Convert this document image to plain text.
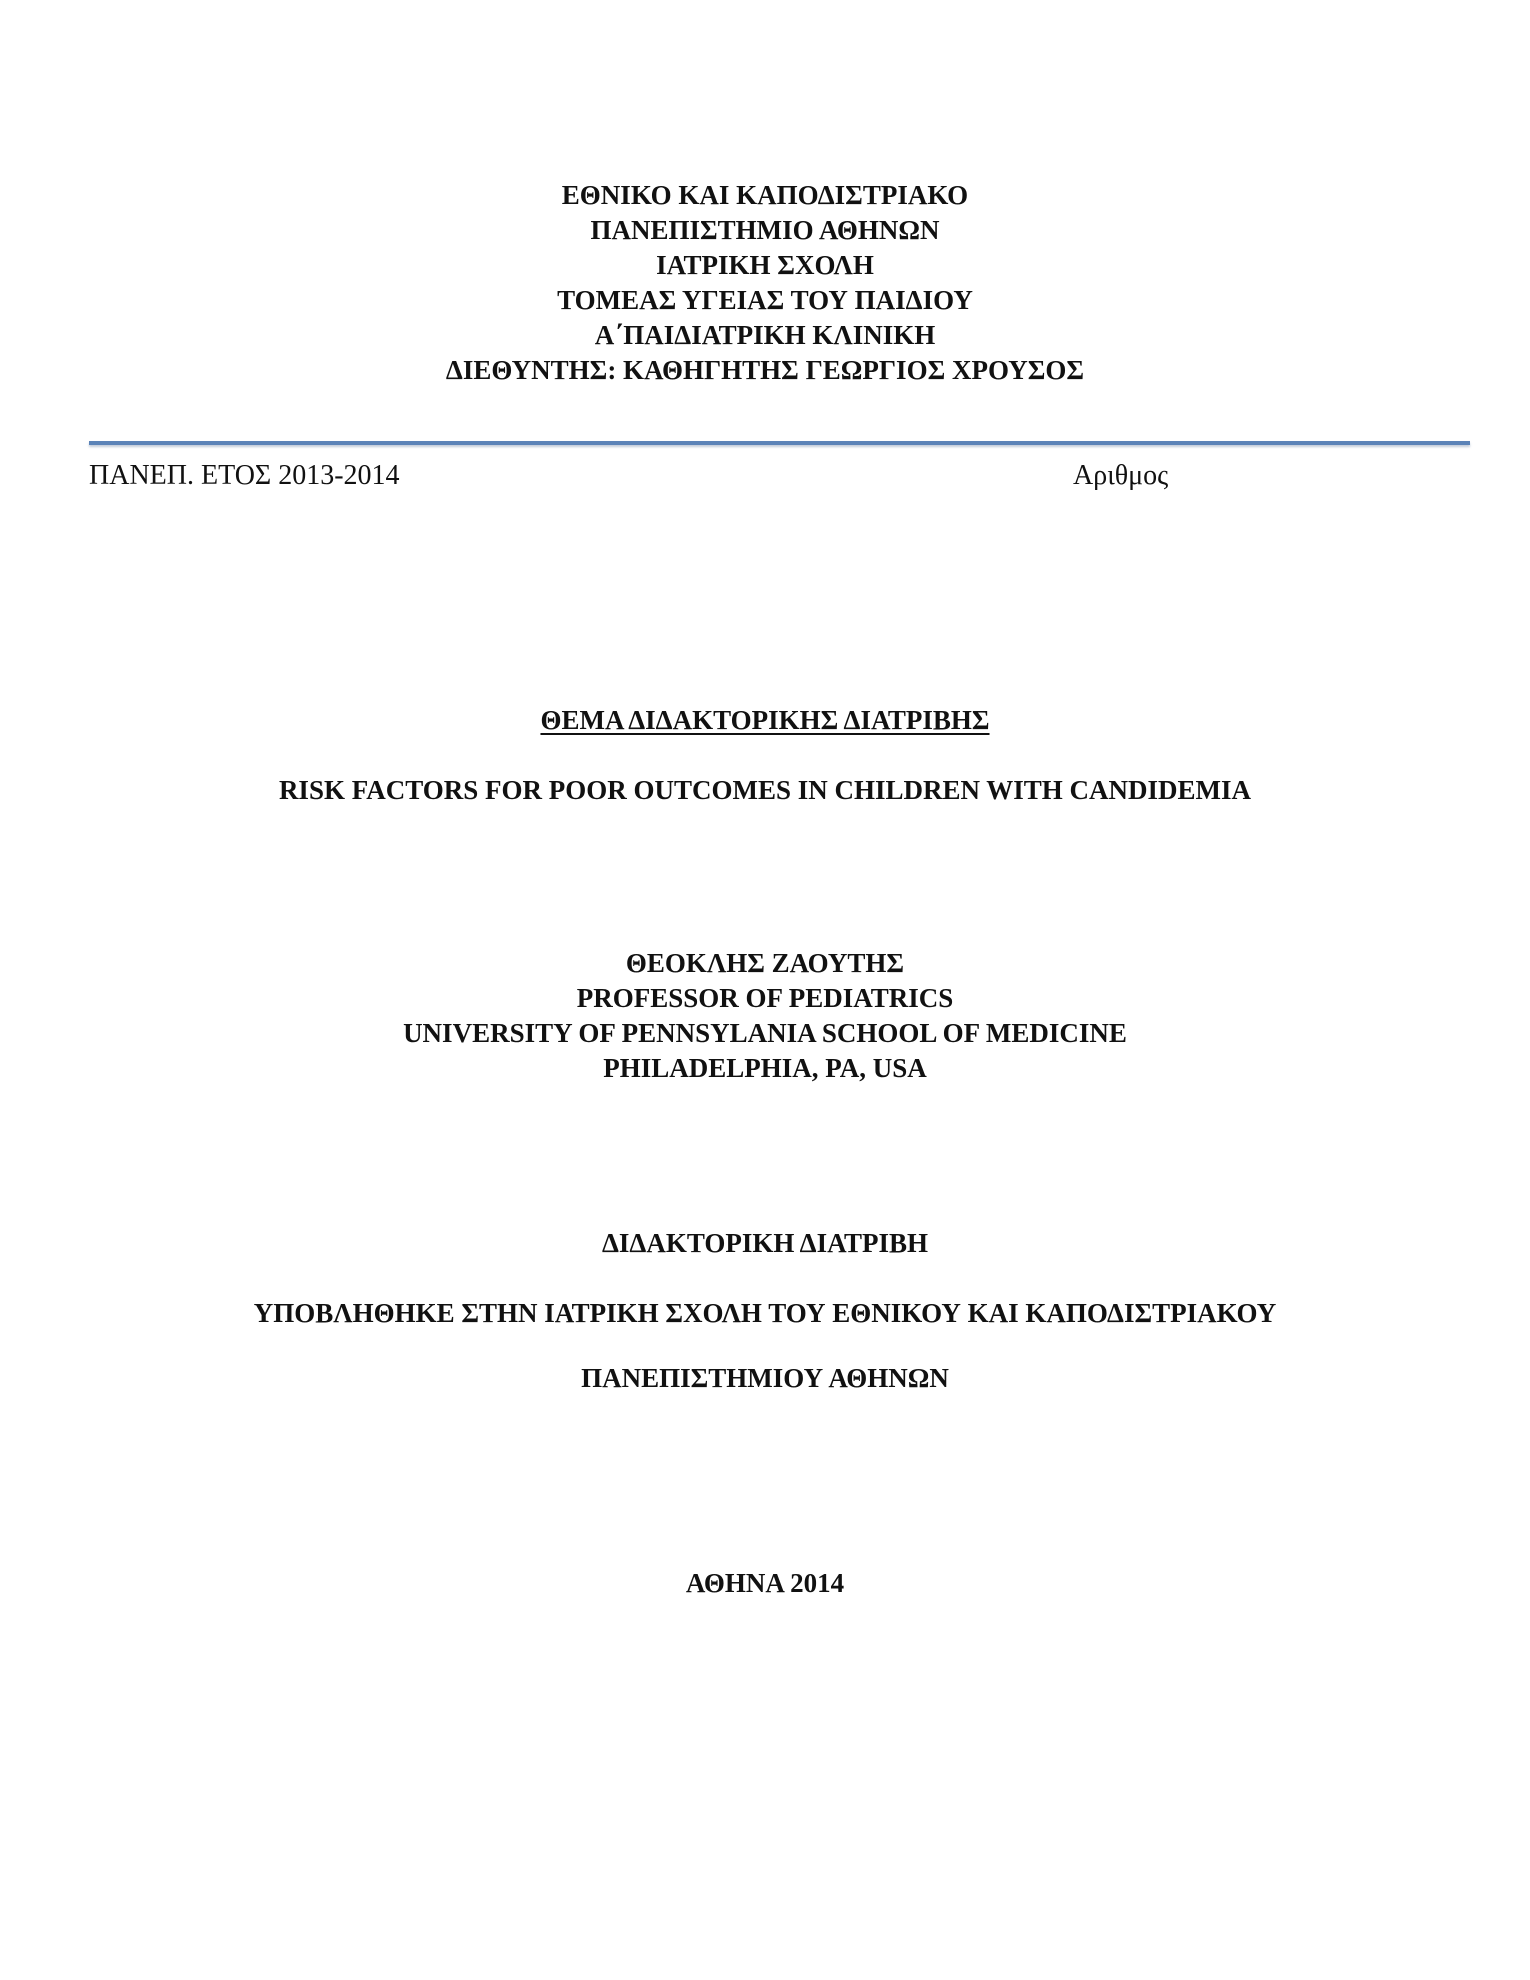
ΕΘΝΙΚΟ ΚΑΙ ΚΑΠΟΔΙΣΤΡΙΑΚΟ
ΠΑΝΕΠΙΣΤΗΜΙΟ ΑΘΗΝΩΝ
ΙΑΤΡΙΚΗ ΣΧΟΛΗ
ΤΟΜΕΑΣ ΥΓΕΙΑΣ ΤΟΥ ΠΑΙΔΙΟΥ
Α΄ΠΑΙΔΙΑΤΡΙΚΗ ΚΛΙΝΙΚΗ
ΔΙΕΘΥΝΤΗΣ: ΚΑΘΗΓΗΤΗΣ ΓΕΩΡΓΙΟΣ ΧΡΟΥΣΟΣ
ΠΑΝΕΠ. ΕΤΟΣ 2013-2014	Αριθμος
ΘΕΜΑ ΔΙΔΑΚΤΟΡΙΚΗΣ ΔΙΑΤΡΙΒΗΣ
RISK FACTORS FOR POOR OUTCOMES IN CHILDREN WITH CANDIDEMIA
ΘΕΟΚΛΗΣ ΖΑΟΥΤΗΣ
PROFESSOR OF PEDIATRICS
UNIVERSITY OF PENNSYLANIA SCHOOL OF MEDICINE
PHILADELPHIA, PA, USA
ΔΙΔΑΚΤΟΡΙΚΗ ΔΙΑΤΡΙΒΗ
ΥΠΟΒΛΗΘΗΚΕ ΣΤΗΝ ΙΑΤΡΙΚΗ ΣΧΟΛΗ ΤΟΥ ΕΘΝΙΚΟΥ ΚΑΙ ΚΑΠΟΔΙΣΤΡΙΑΚΟΥ
ΠΑΝΕΠΙΣΤΗΜΙΟΥ ΑΘΗΝΩΝ
ΑΘΗΝΑ 2014
